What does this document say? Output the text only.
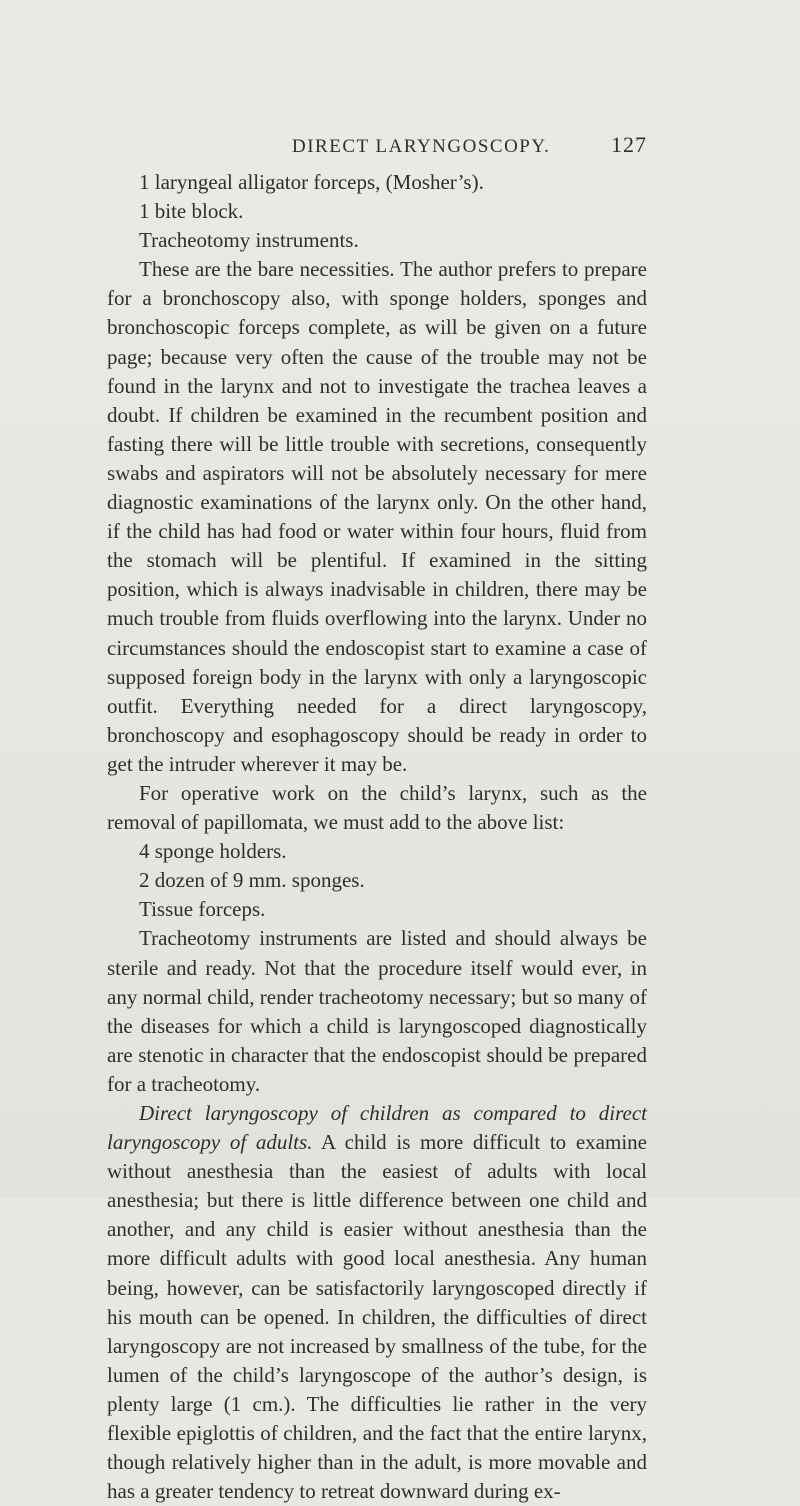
DIRECT LARYNGOSCOPY.	127

1 laryngeal alligator forceps, (Mosher’s).

1 bite block.

Tracheotomy instruments.

These are the bare necessities. The author prefers to prepare for a bronchoscopy also, with sponge holders, sponges and bronchoscopic forceps complete, as will be given on a future page; because very often the cause of the trouble may not be found in the larynx and not to investigate the trachea leaves a doubt. If children be examined in the recumbent position and fasting there will be little trouble with secretions, consequently swabs and aspirators will not be absolutely necessary for mere diagnostic examinations of the larynx only. On the other hand, if the child has had food or water within four hours, fluid from the stomach will be plentiful. If examined in the sitting position, which is always inadvisable in children, there may be much trouble from fluids overflowing into the larynx. Under no circumstances should the endoscopist start to examine a case of supposed foreign body in the larynx with only a laryngoscopic outfit. Everything needed for a direct laryngoscopy, bronchoscopy and esophagoscopy should be ready in order to get the intruder wherever it may be.

For operative work on the child’s larynx, such as the removal of papillomata, we must add to the above list:

4 sponge holders.

2 dozen of 9 mm. sponges.

Tissue forceps.

Tracheotomy instruments are listed and should always be sterile and ready. Not that the procedure itself would ever, in any normal child, render tracheotomy necessary; but so many of the diseases for which a child is laryngoscoped diagnostically are stenotic in character that the endoscopist should be prepared for a tracheotomy.

Direct laryngoscopy of children as compared to direct laryngoscopy of adults. A child is more difficult to examine without anesthesia than the easiest of adults with local anesthesia; but there is little difference between one child and another, and any child is easier without anesthesia than the more difficult adults with good local anesthesia. Any human being, however, can be satisfactorily laryngoscoped directly if his mouth can be opened. In children, the difficulties of direct laryngoscopy are not increased by smallness of the tube, for the lumen of the child’s laryngoscope of the author’s design, is plenty large (1 cm.). The difficulties lie rather in the very flexible epiglottis of children, and the fact that the entire larynx, though relatively higher than in the adult, is more movable and has a greater tendency to retreat downward during ex-
